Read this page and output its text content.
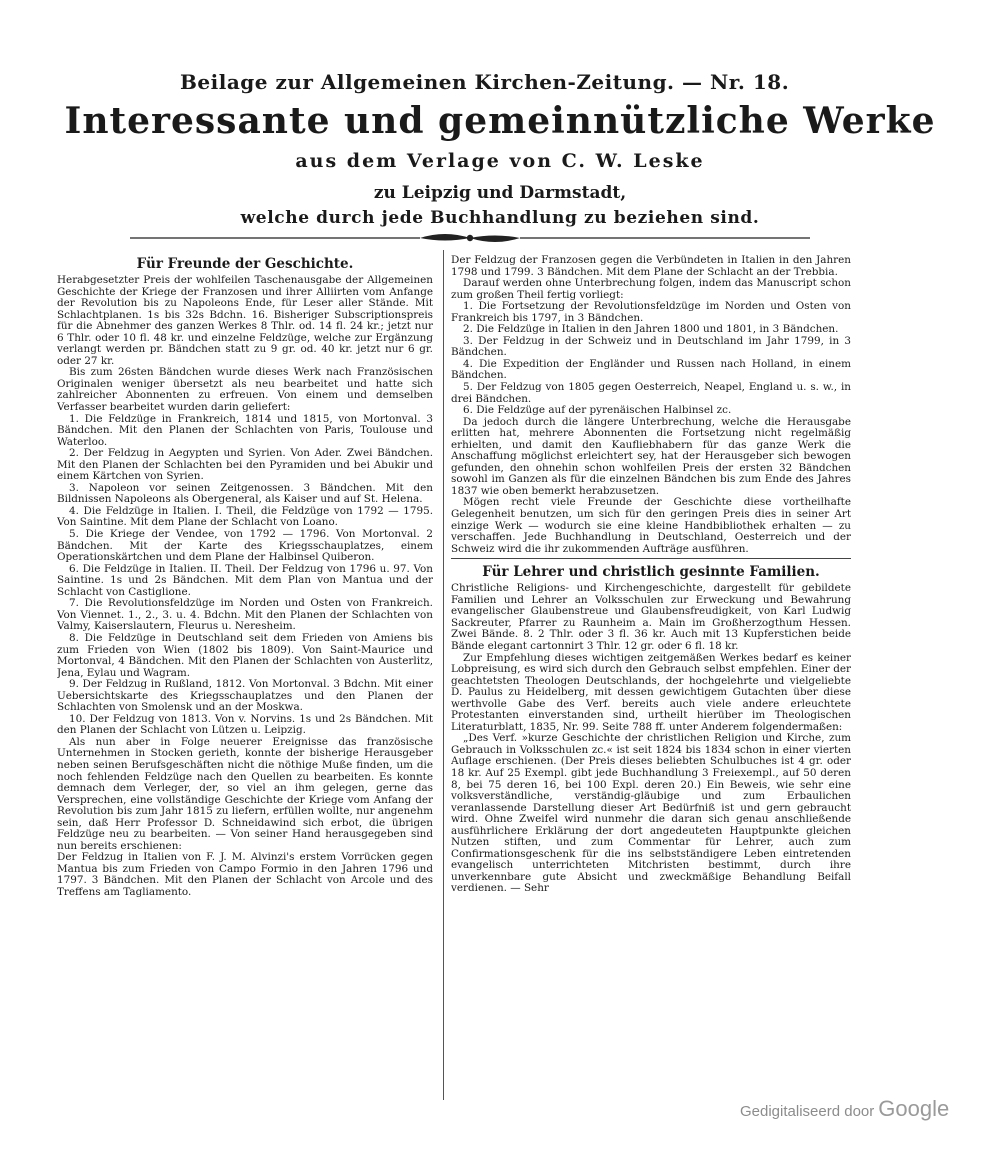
Beilage zur Allgemeinen Kirchen-Zeitung. — Nr. 18.
Interessante und gemeinnützliche Werke
aus dem Verlage von C. W. Leske
zu Leipzig und Darmstadt,
welche durch jede Buchhandlung zu beziehen sind.
Für Freunde der Geschichte.

Herabgesetzter Preis der wohlfeilen Taschenausgabe der Allgemeinen Geschichte der Kriege der Franzosen und ihrer Alliirten vom Anfange der Revolution bis zu Napoleons Ende, für Leser aller Stände. Mit Schlachtplanen. 1s bis 32s Bdchn. 16. Bisheriger Subscriptionspreis für die Abnehmer des ganzen Werkes 8 Thlr. od. 14 fl. 24 kr.; jetzt nur 6 Thlr. oder 10 fl. 48 kr. und einzelne Feldzüge, welche zur Ergänzung verlangt werden pr. Bändchen statt zu 9 gr. od. 40 kr. jetzt nur 6 gr. oder 27 kr.

Bis zum 26sten Bändchen wurde dieses Werk nach Französischen Originalen weniger übersetzt als neu bearbeitet und hatte sich zahlreicher Abonnenten zu erfreuen. Von einem und demselben Verfasser bearbeitet wurden darin geliefert:

1. Die Feldzüge in Frankreich, 1814 und 1815, von Mortonval. 3 Bändchen. Mit den Planen der Schlachten von Paris, Toulouse und Waterloo.

2. Der Feldzug in Aegypten und Syrien. Von Ader. Zwei Bändchen. Mit den Planen der Schlachten bei den Pyramiden und bei Abukir und einem Kärtchen von Syrien.

3. Napoleon vor seinen Zeitgenossen. 3 Bändchen. Mit den Bildnissen Napoleons als Obergeneral, als Kaiser und auf St. Helena.

4. Die Feldzüge in Italien. I. Theil, die Feldzüge von 1792 — 1795. Von Saintine. Mit dem Plane der Schlacht von Loano.

5. Die Kriege der Vendee, von 1792 — 1796. Von Mortonval. 2 Bändchen. Mit der Karte des Kriegsschauplatzes, einem Operationskärtchen und dem Plane der Halbinsel Quiberon.

6. Die Feldzüge in Italien. II. Theil. Der Feldzug von 1796 u. 97. Von Saintine. 1s und 2s Bändchen. Mit dem Plan von Mantua und der Schlacht von Castiglione.

7. Die Revolutionsfeldzüge im Norden und Osten von Frankreich. Von Viennet. 1., 2., 3. u. 4. Bdchn. Mit den Planen der Schlachten von Valmy, Kaiserslautern, Fleurus u. Neresheim.

8. Die Feldzüge in Deutschland seit dem Frieden von Amiens bis zum Frieden von Wien (1802 bis 1809). Von Saint-Maurice und Mortonval, 4 Bändchen. Mit den Planen der Schlachten von Austerlitz, Jena, Eylau und Wagram.

9. Der Feldzug in Rußland, 1812. Von Mortonval. 3 Bdchn. Mit einer Uebersichtskarte des Kriegsschauplatzes und den Planen der Schlachten von Smolensk und an der Moskwa.

10. Der Feldzug von 1813. Von v. Norvins. 1s und 2s Bändchen. Mit den Planen der Schlacht von Lützen u. Leipzig.

Als nun aber in Folge neuerer Ereignisse das französische Unternehmen in Stocken gerieth, konnte der bisherige Herausgeber neben seinen Berufsgeschäften nicht die nöthige Muße finden, um die noch fehlenden Feldzüge nach den Quellen zu bearbeiten. Es konnte demnach dem Verleger, der, so viel an ihm gelegen, gerne das Versprechen, eine vollständige Geschichte der Kriege vom Anfang der Revolution bis zum Jahr 1815 zu liefern, erfüllen wollte, nur angenehm sein, daß Herr Professor D. Schneidawind sich erbot, die übrigen Feldzüge neu zu bearbeiten. — Von seiner Hand herausgegeben sind nun bereits erschienen:

Der Feldzug in Italien von F. J. M. Alvinzi's erstem Vorrücken gegen Mantua bis zum Frieden von Campo Formio in den Jahren 1796 und 1797. 3 Bändchen. Mit den Planen der Schlacht von Arcole und des Treffens am Tagliamento.

Der Feldzug der Franzosen gegen die Verbündeten in Italien in den Jahren 1798 und 1799. 3 Bändchen. Mit dem Plane der Schlacht an der Trebbia.

Darauf werden ohne Unterbrechung folgen, indem das Manuscript schon zum großen Theil fertig vorliegt:

1. Die Fortsetzung der Revolutionsfeldzüge im Norden und Osten von Frankreich bis 1797, in 3 Bändchen.

2. Die Feldzüge in Italien in den Jahren 1800 und 1801, in 3 Bändchen.

3. Der Feldzug in der Schweiz und in Deutschland im Jahr 1799, in 3 Bändchen.

4. Die Expedition der Engländer und Russen nach Holland, in einem Bändchen.

5. Der Feldzug von 1805 gegen Oesterreich, Neapel, England u. s. w., in drei Bändchen.

6. Die Feldzüge auf der pyrenäischen Halbinsel zc.

Da jedoch durch die längere Unterbrechung, welche die Herausgabe erlitten hat, mehrere Abonnenten die Fortsetzung nicht regelmäßig erhielten, und damit den Kaufliebhabern für das ganze Werk die Anschaffung möglichst erleichtert sey, hat der Herausgeber sich bewogen gefunden, den ohnehin schon wohlfeilen Preis der ersten 32 Bändchen sowohl im Ganzen als für die einzelnen Bändchen bis zum Ende des Jahres 1837 wie oben bemerkt herabzusetzen.

Mögen recht viele Freunde der Geschichte diese vortheilhafte Gelegenheit benutzen, um sich für den geringen Preis dies in seiner Art einzige Werk — wodurch sie eine kleine Handbibliothek erhalten — zu verschaffen. Jede Buchhandlung in Deutschland, Oesterreich und der Schweiz wird die ihr zukommenden Aufträge ausführen.

Für Lehrer und christlich gesinnte Familien.

Christliche Religions- und Kirchengeschichte, dargestellt für gebildete Familien und Lehrer an Volksschulen zur Erweckung und Bewahrung evangelischer Glaubenstreue und Glaubensfreudigkeit, von Karl Ludwig Sackreuter, Pfarrer zu Raunheim a. Main im Großherzogthum Hessen. Zwei Bände. 8. 2 Thlr. oder 3 fl. 36 kr. Auch mit 13 Kupferstichen beide Bände elegant cartonnirt 3 Thlr. 12 gr. oder 6 fl. 18 kr.

Zur Empfehlung dieses wichtigen zeitgemäßen Werkes bedarf es keiner Lobpreisung, es wird sich durch den Gebrauch selbst empfehlen. Einer der geachtetsten Theologen Deutschlands, der hochgelehrte und vielgeliebte D. Paulus zu Heidelberg, mit dessen gewichtigem Gutachten über diese werthvolle Gabe des Verf. bereits auch viele andere erleuchtete Protestanten einverstanden sind, urtheilt hierüber im Theologischen Literaturblatt, 1835, Nr. 99. Seite 788 ff. unter Anderem folgendermaßen:

„Des Verf. »kurze Geschichte der christlichen Religion und Kirche, zum Gebrauch in Volksschulen zc.« ist seit 1824 bis 1834 schon in einer vierten Auflage erschienen. (Der Preis dieses beliebten Schulbuches ist 4 gr. oder 18 kr. Auf 25 Exempl. gibt jede Buchhandlung 3 Freiexempl., auf 50 deren 8, bei 75 deren 16, bei 100 Expl. deren 20.) Ein Beweis, wie sehr eine volksverständliche, verständig-gläubige und zum Erbaulichen veranlassende Darstellung dieser Art Bedürfniß ist und gern gebraucht wird. Ohne Zweifel wird nunmehr die daran sich genau anschließende ausführlichere Erklärung der dort angedeuteten Hauptpunkte gleichen Nutzen stiften, und zum Commentar für Lehrer, auch zum Confirmationsgeschenk für die ins selbstständigere Leben eintretenden evangelisch unterrichteten Mitchristen bestimmt, durch ihre unverkennbare gute Absicht und zweckmäßige Behandlung Beifall verdienen. — Sehr

Gedigitaliseerd door Google
